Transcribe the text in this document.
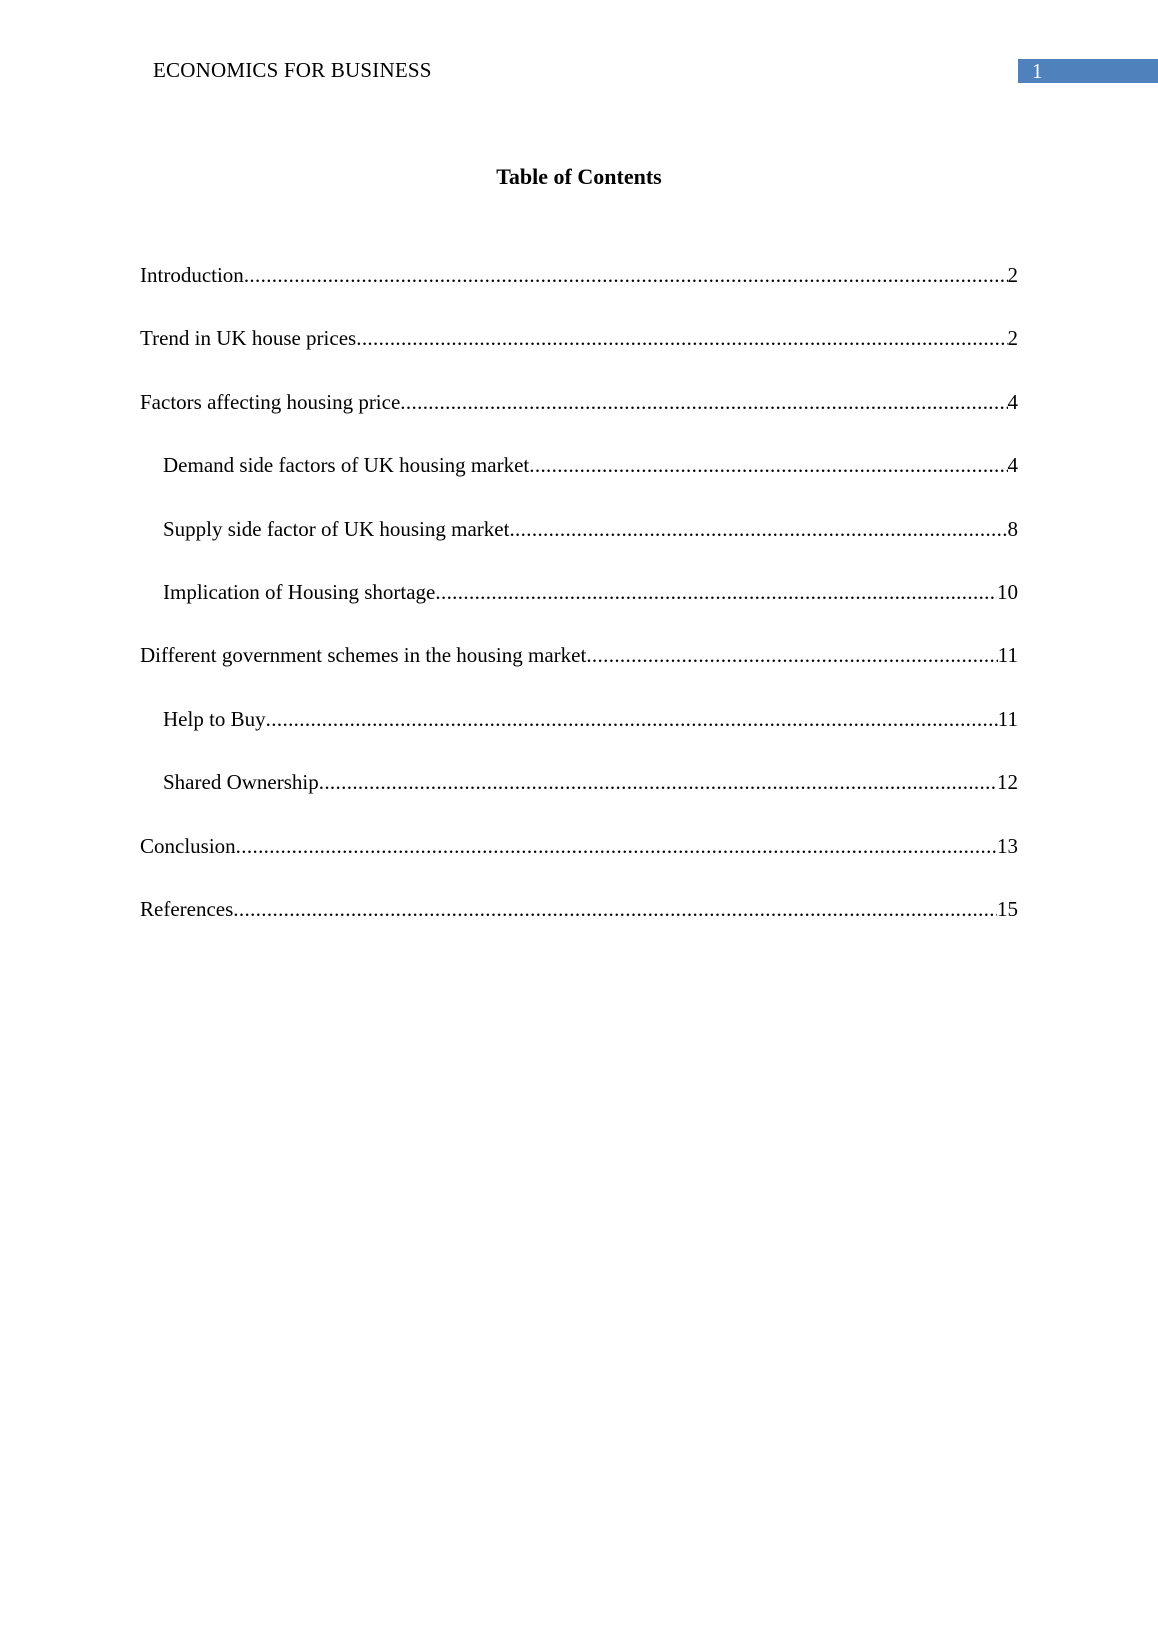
ECONOMICS FOR BUSINESS	1
Table of Contents
Introduction .....	2
Trend in UK house prices .....	2
Factors affecting housing price .....	4
Demand side factors of UK housing market .....	4
Supply side factor of UK housing market .....	8
Implication of Housing shortage .....	10
Different government schemes in the housing market .....	11
Help to Buy .....	11
Shared Ownership .....	12
Conclusion .....	13
References .....	15
